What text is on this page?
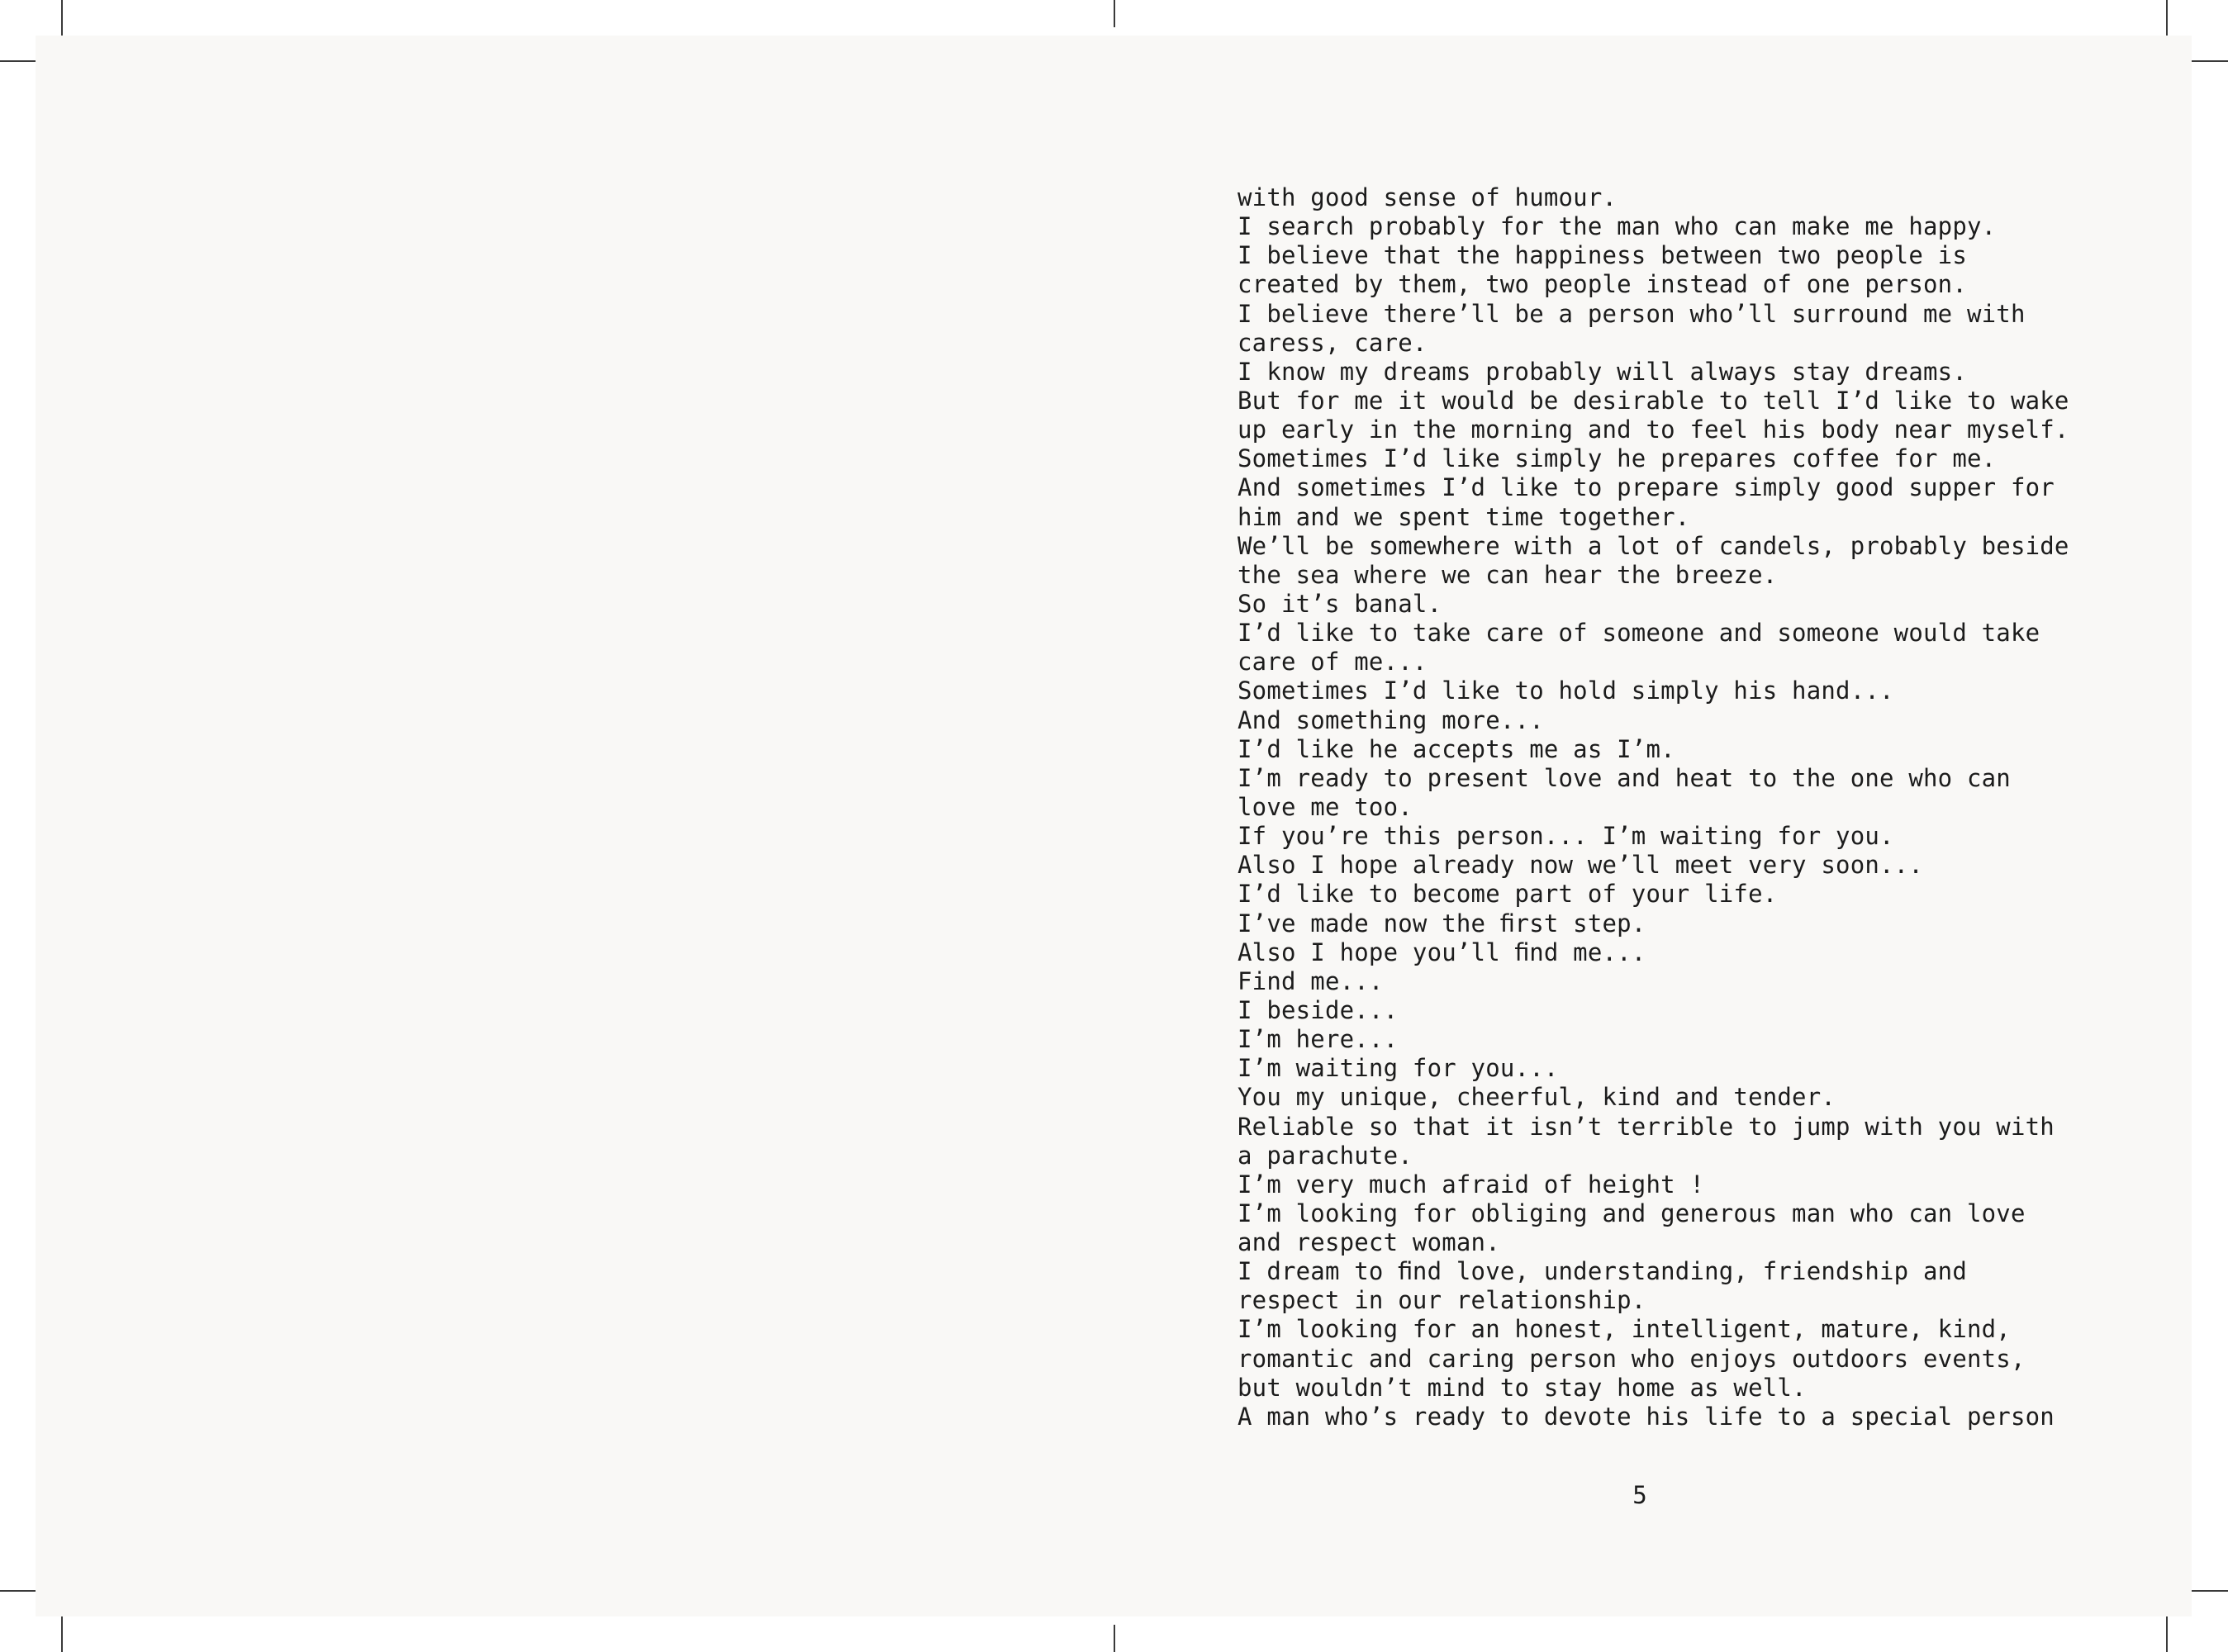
with good sense of humour.
I search probably for the man who can make me happy.
I believe that the happiness between two people is
created by them, two people instead of one person.
I believe there’ll be a person who’ll surround me with
caress, care.
I know my dreams probably will always stay dreams.
But for me it would be desirable to tell I’d like to wake
up early in the morning and to feel his body near myself.
Sometimes I’d like simply he prepares coffee for me.
And sometimes I’d like to prepare simply good supper for
him and we spent time together.
We’ll be somewhere with a lot of candels, probably beside
the sea where we can hear the breeze.
So it’s banal.
I’d like to take care of someone and someone would take
care of me...
Sometimes I’d like to hold simply his hand...
And something more...
I’d like he accepts me as I’m.
I’m ready to present love and heat to the one who can
love me too.
If you’re this person... I’m waiting for you.
Also I hope already now we’ll meet very soon...
I’d like to become part of your life.
I’ve made now the ﬁrst step.
Also I hope you’ll ﬁnd me...
Find me...
I beside...
I’m here...
I’m waiting for you...
You my unique, cheerful, kind and tender.
Reliable so that it isn’t terrible to jump with you with
a parachute.
I’m very much afraid of height !
I’m looking for obliging and generous man who can love
and respect woman.
I dream to ﬁnd love, understanding, friendship and
respect in our relationship.
I’m looking for an honest, intelligent, mature, kind,
romantic and caring person who enjoys outdoors events,
but wouldn’t mind to stay home as well.
A man who’s ready to devote his life to a special person
5
